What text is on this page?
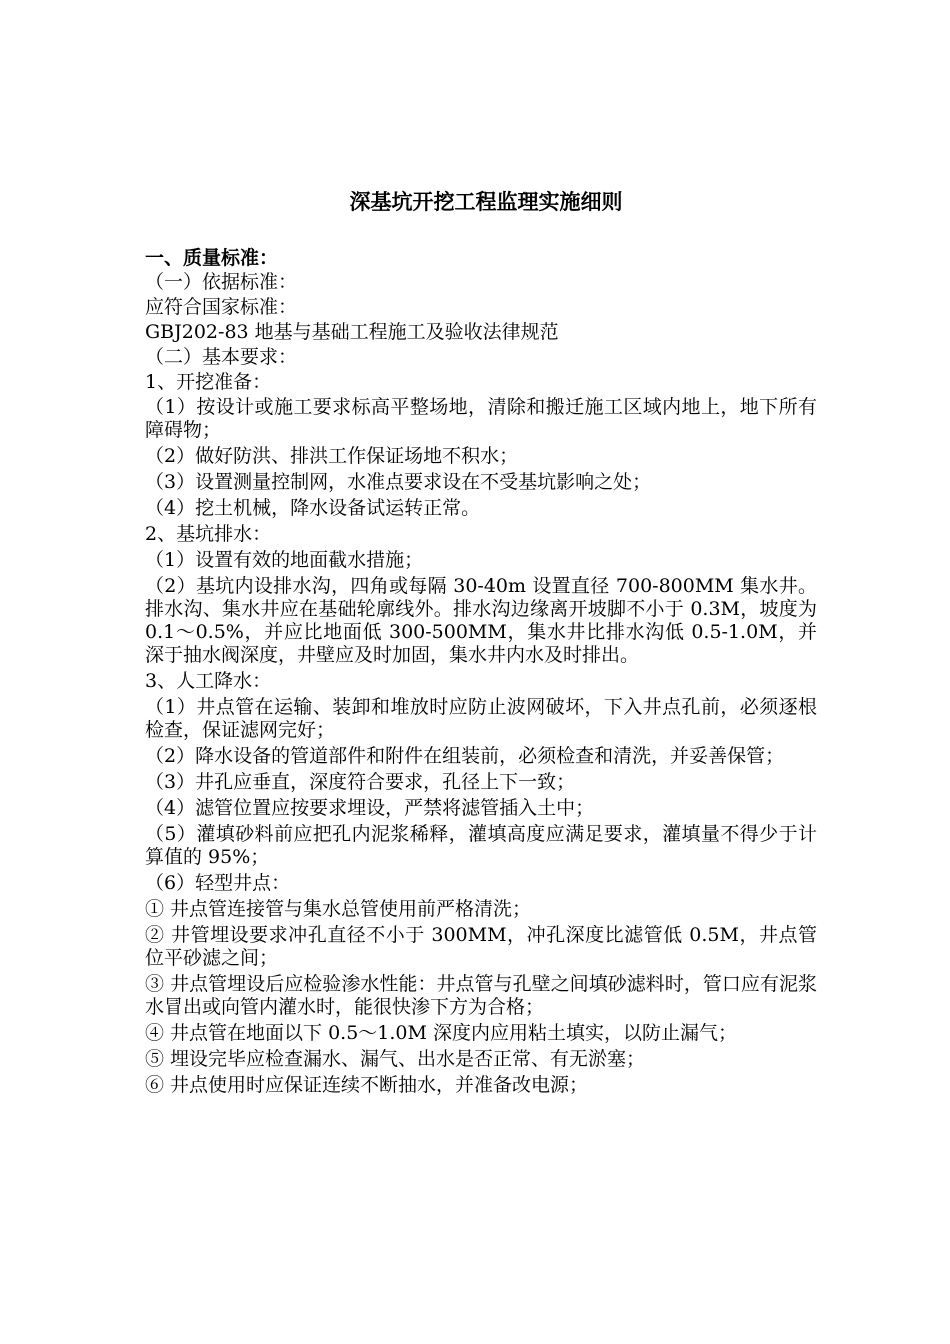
深基坑开挖工程监理实施细则
一、质量标准：

（一）依据标准：

应符合国家标准：

GBJ202-83 地基与基础工程施工及验收法律规范

（二）基本要求：

1、开挖准备：

（1）按设计或施工要求标高平整场地，清除和搬迁施工区域内地上，地下所有障碍物；

（2）做好防洪、排洪工作保证场地不积水；

（3）设置测量控制网，水准点要求设在不受基坑影响之处；

（4）挖土机械，降水设备试运转正常。

2、基坑排水：

（1）设置有效的地面截水措施；

（2）基坑内设排水沟，四角或每隔 30-40m 设置直径 700-800MM 集水井。排水沟、集水井应在基础轮廓线外。排水沟边缘离开坡脚不小于 0.3M，坡度为 0.1～0.5%，并应比地面低 300-500MM，集水井比排水沟低 0.5-1.0M，并深于抽水阀深度，井壁应及时加固，集水井内水及时排出。

3、人工降水：

（1）井点管在运输、装卸和堆放时应防止波网破坏，下入井点孔前，必须逐根检查，保证滤网完好；

（2）降水设备的管道部件和附件在组装前，必须检查和清洗，并妥善保管；

（3）井孔应垂直，深度符合要求，孔径上下一致；

（4）滤管位置应按要求埋设，严禁将滤管插入土中；

（5）灌填砂料前应把孔内泥浆稀释，灌填高度应满足要求，灌填量不得少于计算值的 95%；

（6）轻型井点：

① 井点管连接管与集水总管使用前严格清洗；

② 井管埋设要求冲孔直径不小于 300MM，冲孔深度比滤管低 0.5M，井点管位平砂滤之间；

③ 井点管埋设后应检验渗水性能：井点管与孔壁之间填砂滤料时，管口应有泥浆水冒出或向管内灌水时，能很快渗下方为合格；

④ 井点管在地面以下 0.5～1.0M 深度内应用粘土填实，以防止漏气；

⑤ 埋设完毕应检查漏水、漏气、出水是否正常、有无淤塞；

⑥ 井点使用时应保证连续不断抽水，并准备改电源；
